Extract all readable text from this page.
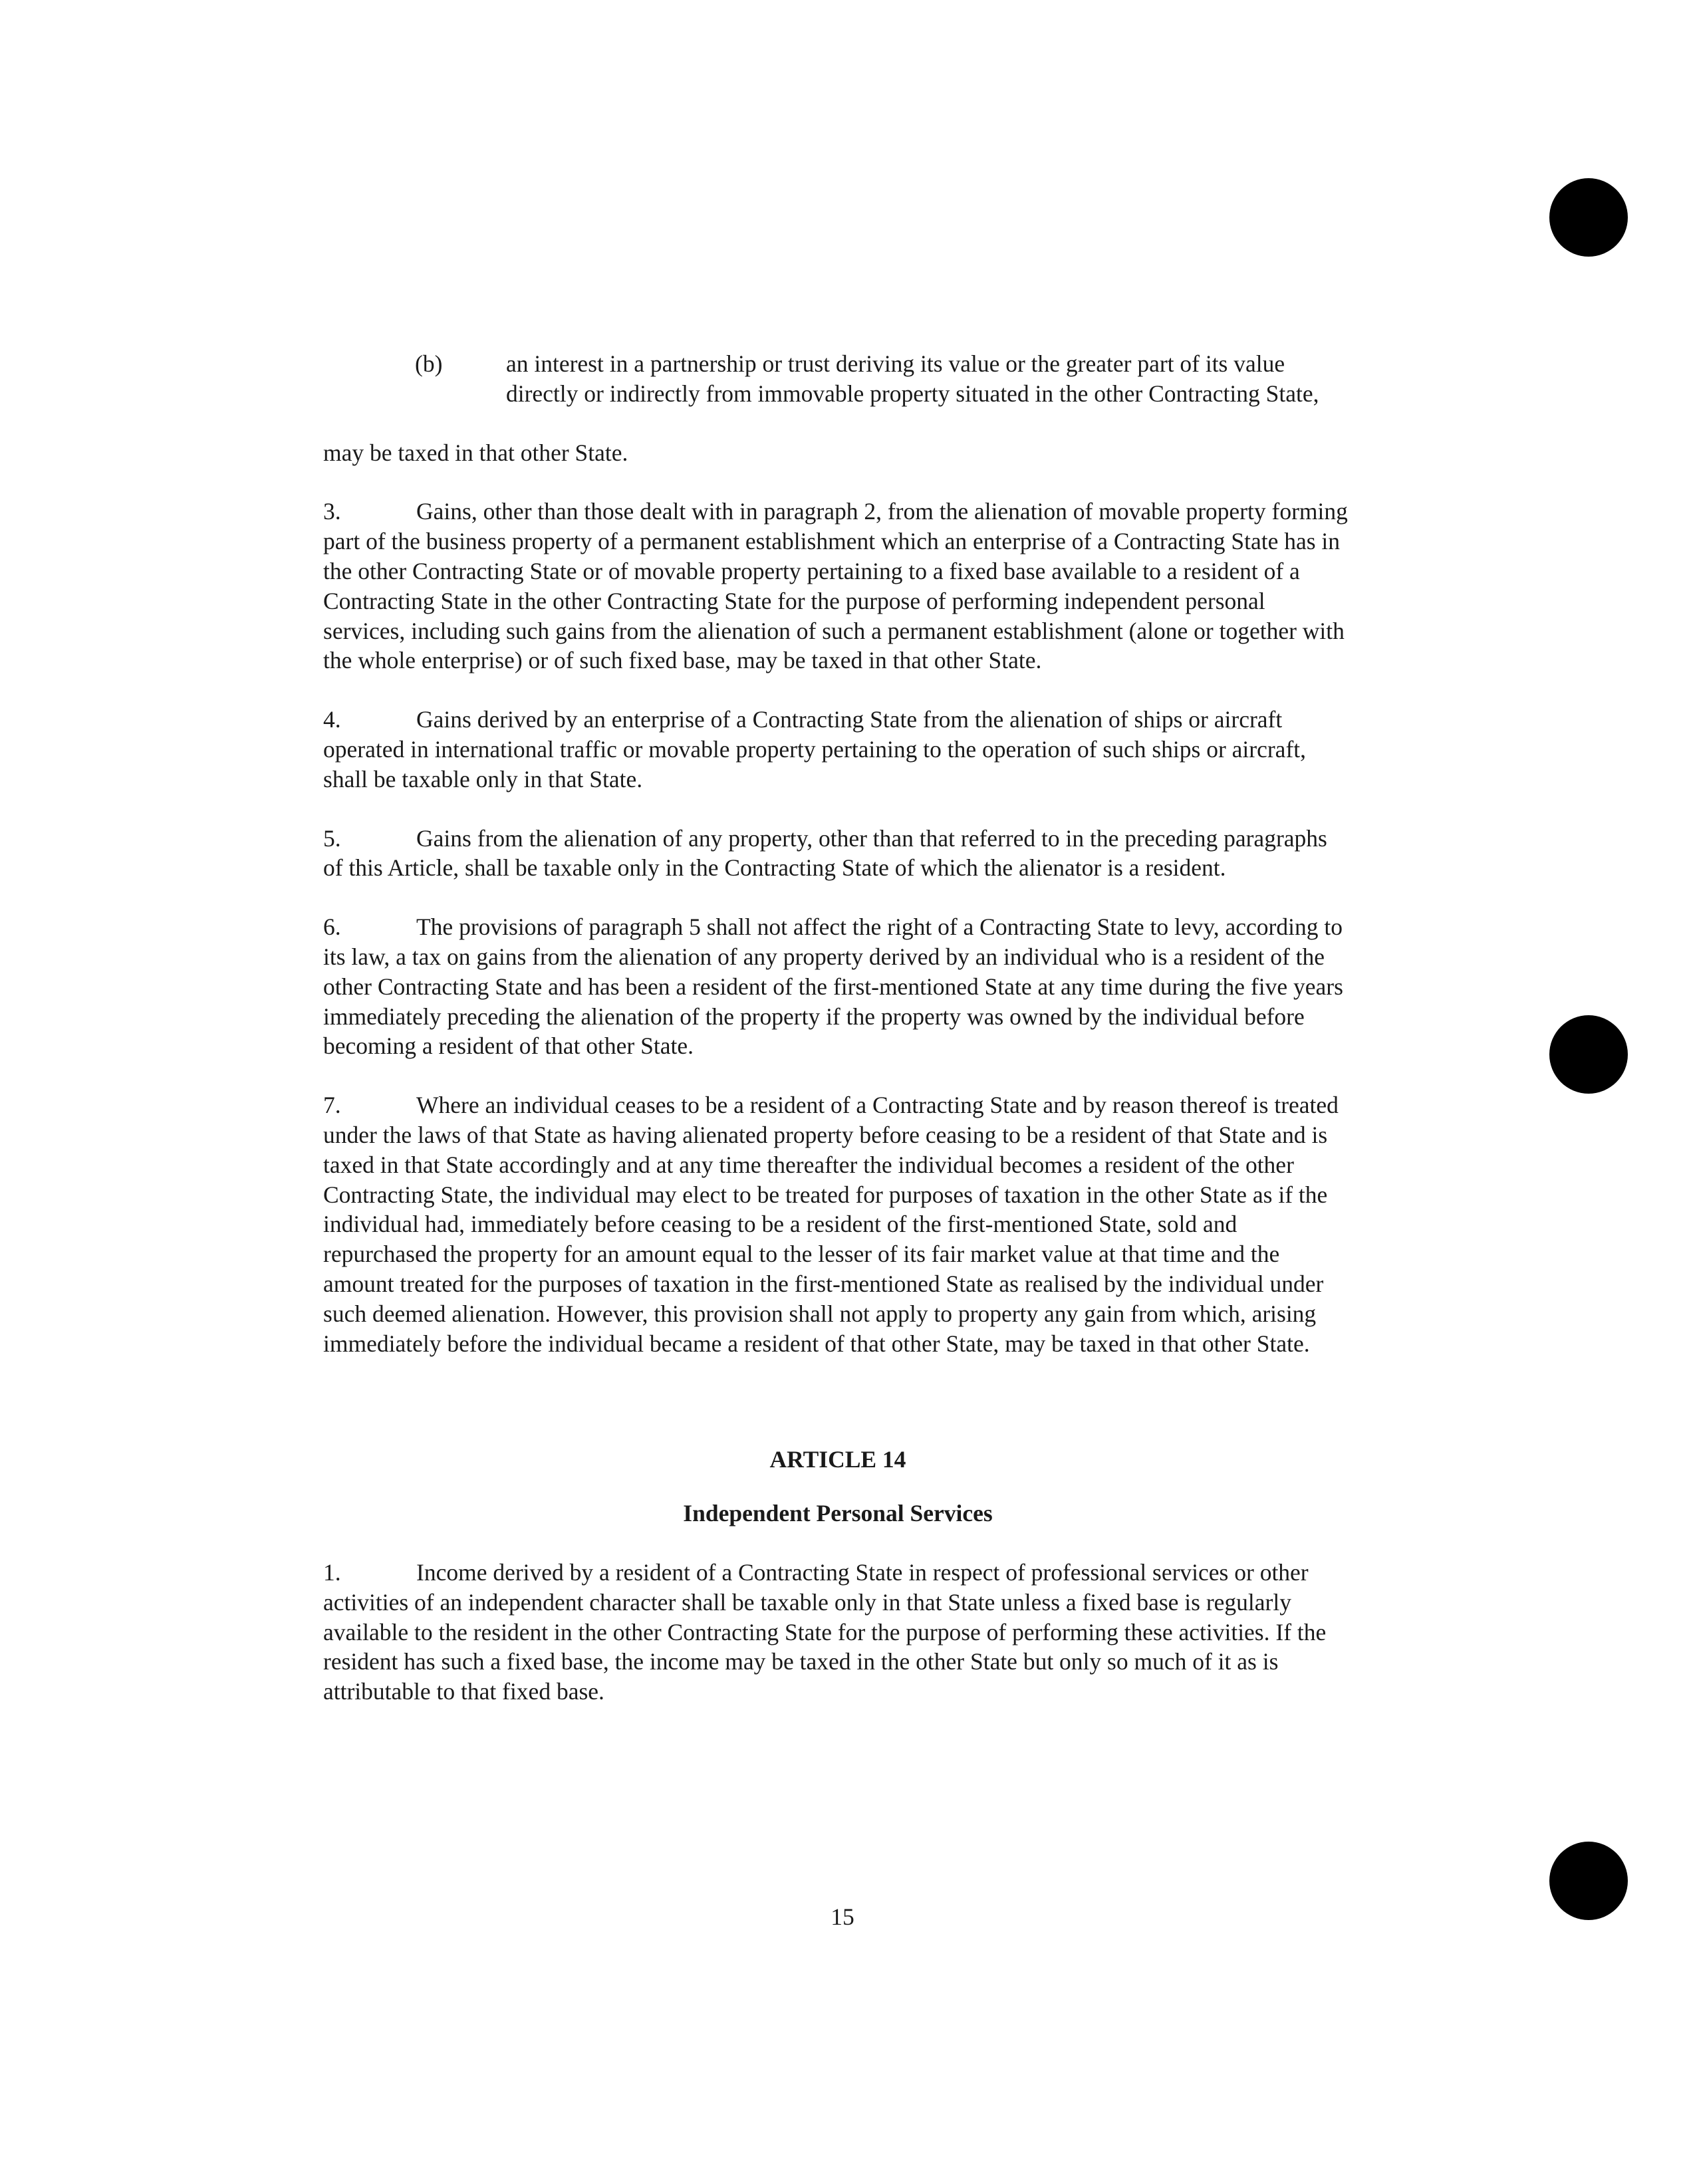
(b)	an interest in a partnership or trust deriving its value or the greater part of its value directly or indirectly from immovable property situated in the other Contracting State,

may be taxed in that other State.

3.	Gains, other than those dealt with in paragraph 2, from the alienation of movable property forming part of the business property of a permanent establishment which an enterprise of a Contracting State has in the other Contracting State or of movable property pertaining to a fixed base available to a resident of a Contracting State in the other Contracting State for the purpose of performing independent personal services, including such gains from the alienation of such a permanent establishment (alone or together with the whole enterprise) or of such fixed base, may be taxed in that other State.

4.	Gains derived by an enterprise of a Contracting State from the alienation of ships or aircraft operated in international traffic or movable property pertaining to the operation of such ships or aircraft, shall be taxable only in that State.

5.	Gains from the alienation of any property, other than that referred to in the preceding paragraphs of this Article, shall be taxable only in the Contracting State of which the alienator is a resident.

6.	The provisions of paragraph 5 shall not affect the right of a Contracting State to levy, according to its law, a tax on gains from the alienation of any property derived by an individual who is a resident of the other Contracting State and has been a resident of the first-mentioned State at any time during the five years immediately preceding the alienation of the property if the property was owned by the individual before becoming a resident of that other State.

7.	Where an individual ceases to be a resident of a Contracting State and by reason thereof is treated under the laws of that State as having alienated property before ceasing to be a resident of that State and is taxed in that State accordingly and at any time thereafter the individual becomes a resident of the other Contracting State, the individual may elect to be treated for purposes of taxation in the other State as if the individual had, immediately before ceasing to be a resident of the first-mentioned State, sold and repurchased the property for an amount equal to the lesser of its fair market value at that time and the amount treated for the purposes of taxation in the first-mentioned State as realised by the individual under such deemed alienation. However, this provision shall not apply to property any gain from which, arising immediately before the individual became a resident of that other State, may be taxed in that other State.

ARTICLE 14

Independent Personal Services

1.	Income derived by a resident of a Contracting State in respect of professional services or other activities of an independent character shall be taxable only in that State unless a fixed base is regularly available to the resident in the other Contracting State for the purpose of performing these activities. If the resident has such a fixed base, the income may be taxed in the other State but only so much of it as is attributable to that fixed base.

15
